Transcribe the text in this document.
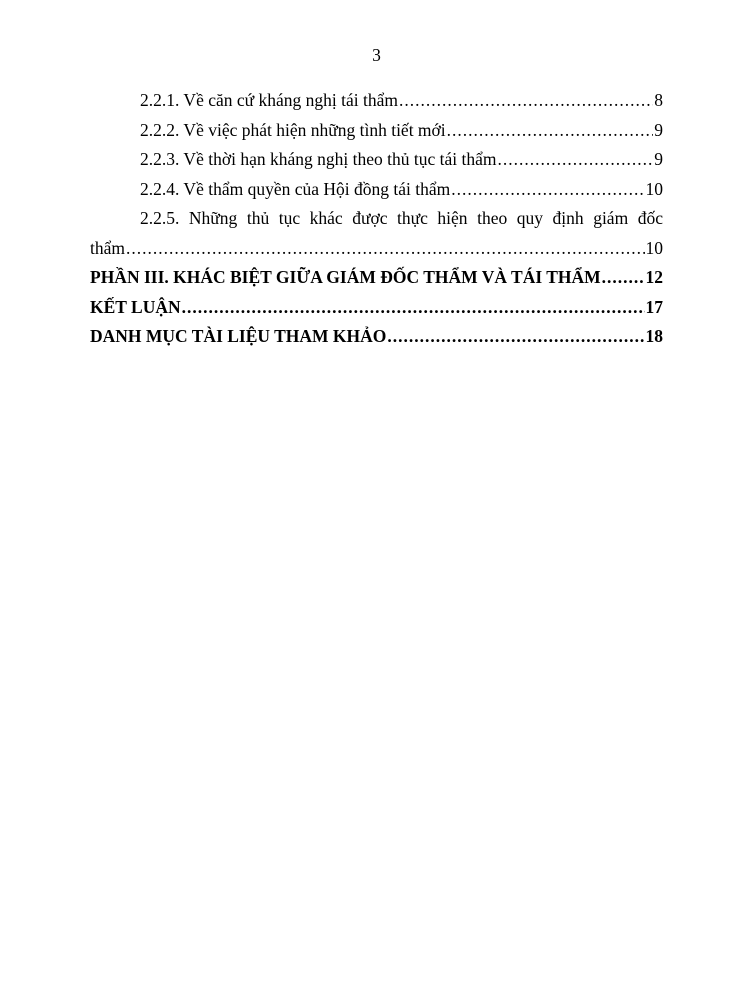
3
2.2.1. Về căn cứ kháng nghị tái thẩm .....	8
2.2.2. Về việc phát hiện những tình tiết mới .....	9
2.2.3. Về thời hạn kháng nghị theo thủ tục tái thẩm .....	9
2.2.4. Về thẩm quyền của Hội đồng tái thẩm .....	10
2.2.5. Những thủ tục khác được thực hiện theo quy định giám đốc
thẩm .....	10
PHẦN III. KHÁC BIỆT GIỮA GIÁM ĐỐC THẨM VÀ TÁI THẨM .....	12
KẾT LUẬN .....	17
DANH MỤC TÀI LIỆU THAM KHẢO .....	18
